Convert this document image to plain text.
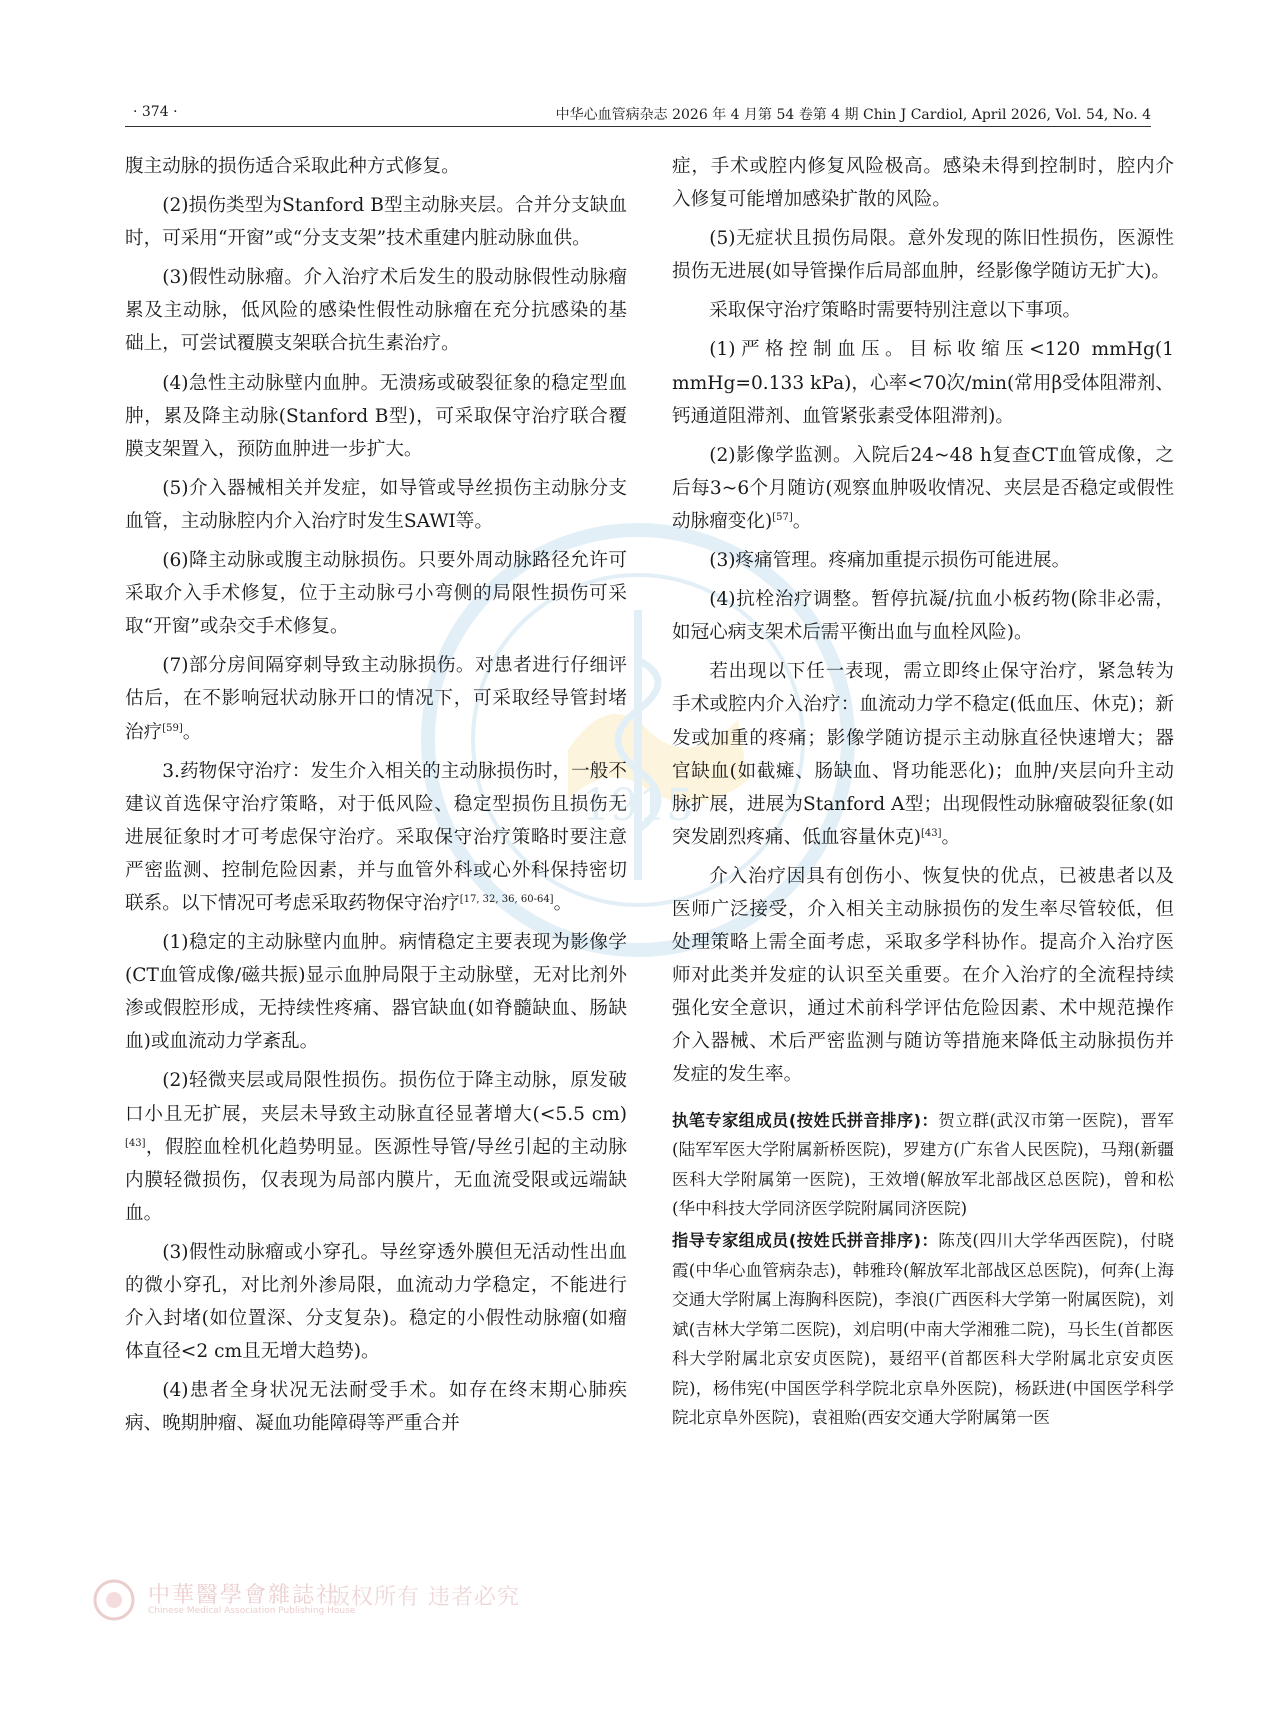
· 374 ·	中华心血管病杂志 2026 年 4 月第 54 卷第 4 期 Chin J Cardiol, April 2026, Vol. 54, No. 4
1915

腹主动脉的损伤适合采取此种方式修复。

(2)损伤类型为Stanford B型主动脉夹层。合并分支缺血时，可采用“开窗”或“分支支架”技术重建内脏动脉血供。

(3)假性动脉瘤。介入治疗术后发生的股动脉假性动脉瘤累及主动脉，低风险的感染性假性动脉瘤在充分抗感染的基础上，可尝试覆膜支架联合抗生素治疗。

(4)急性主动脉壁内血肿。无溃疡或破裂征象的稳定型血肿，累及降主动脉(Stanford B型)，可采取保守治疗联合覆膜支架置入，预防血肿进一步扩大。

(5)介入器械相关并发症，如导管或导丝损伤主动脉分支血管，主动脉腔内介入治疗时发生SAWI等。

(6)降主动脉或腹主动脉损伤。只要外周动脉路径允许可采取介入手术修复，位于主动脉弓小弯侧的局限性损伤可采取“开窗”或杂交手术修复。

(7)部分房间隔穿刺导致主动脉损伤。对患者进行仔细评估后，在不影响冠状动脉开口的情况下，可采取经导管封堵治疗[59]。

3.药物保守治疗：发生介入相关的主动脉损伤时，一般不建议首选保守治疗策略，对于低风险、稳定型损伤且损伤无进展征象时才可考虑保守治疗。采取保守治疗策略时要注意严密监测、控制危险因素，并与血管外科或心外科保持密切联系。以下情况可考虑采取药物保守治疗[17, 32, 36, 60-64]。

(1)稳定的主动脉壁内血肿。病情稳定主要表现为影像学(CT血管成像/磁共振)显示血肿局限于主动脉壁，无对比剂外渗或假腔形成，无持续性疼痛、器官缺血(如脊髓缺血、肠缺血)或血流动力学紊乱。

(2)轻微夹层或局限性损伤。损伤位于降主动脉，原发破口小且无扩展，夹层未导致主动脉直径显著增大(<5.5 cm)[43]，假腔血栓机化趋势明显。医源性导管/导丝引起的主动脉内膜轻微损伤，仅表现为局部内膜片，无血流受限或远端缺血。

(3)假性动脉瘤或小穿孔。导丝穿透外膜但无活动性出血的微小穿孔，对比剂外渗局限，血流动力学稳定，不能进行介入封堵(如位置深、分支复杂)。稳定的小假性动脉瘤(如瘤体直径<2 cm且无增大趋势)。

(4)患者全身状况无法耐受手术。如存在终末期心肺疾病、晚期肿瘤、凝血功能障碍等严重合并

症，手术或腔内修复风险极高。感染未得到控制时，腔内介入修复可能增加感染扩散的风险。

(5)无症状且损伤局限。意外发现的陈旧性损伤，医源性损伤无进展(如导管操作后局部血肿，经影像学随访无扩大)。

采取保守治疗策略时需要特别注意以下事项。

(1)严格控制血压。目标收缩压<120 mmHg(1 mmHg=0.133 kPa)，心率<70次/min(常用β受体阻滞剂、钙通道阻滞剂、血管紧张素受体阻滞剂)。

(2)影像学监测。入院后24~48 h复查CT血管成像，之后每3~6个月随访(观察血肿吸收情况、夹层是否稳定或假性动脉瘤变化)[57]。

(3)疼痛管理。疼痛加重提示损伤可能进展。

(4)抗栓治疗调整。暂停抗凝/抗血小板药物(除非必需，如冠心病支架术后需平衡出血与血栓风险)。

若出现以下任一表现，需立即终止保守治疗，紧急转为手术或腔内介入治疗：血流动力学不稳定(低血压、休克)；新发或加重的疼痛；影像学随访提示主动脉直径快速增大；器官缺血(如截瘫、肠缺血、肾功能恶化)；血肿/夹层向升主动脉扩展，进展为Stanford A型；出现假性动脉瘤破裂征象(如突发剧烈疼痛、低血容量休克)[43]。

介入治疗因具有创伤小、恢复快的优点，已被患者以及医师广泛接受，介入相关主动脉损伤的发生率尽管较低，但处理策略上需全面考虑，采取多学科协作。提高介入治疗医师对此类并发症的认识至关重要。在介入治疗的全流程持续强化安全意识，通过术前科学评估危险因素、术中规范操作介入器械、术后严密监测与随访等措施来降低主动脉损伤并发症的发生率。

执笔专家组成员(按姓氏拼音排序)：贺立群(武汉市第一医院)，晋军(陆军军医大学附属新桥医院)，罗建方(广东省人民医院)，马翔(新疆医科大学附属第一医院)，王效增(解放军北部战区总医院)，曾和松(华中科技大学同济医学院附属同济医院)

指导专家组成员(按姓氏拼音排序)：陈茂(四川大学华西医院)，付晓霞(中华心血管病杂志)，韩雅玲(解放军北部战区总医院)，何奔(上海交通大学附属上海胸科医院)，李浪(广西医科大学第一附属医院)，刘斌(吉林大学第二医院)，刘启明(中南大学湘雅二院)，马长生(首都医科大学附属北京安贞医院)，聂绍平(首都医科大学附属北京安贞医院)，杨伟宪(中国医学科学院北京阜外医院)，杨跃进(中国医学科学院北京阜外医院)，袁祖贻(西安交通大学附属第一医

中華醫學會雜誌社
Chinese Medical Association Publishing House
版权所有 违者必究
